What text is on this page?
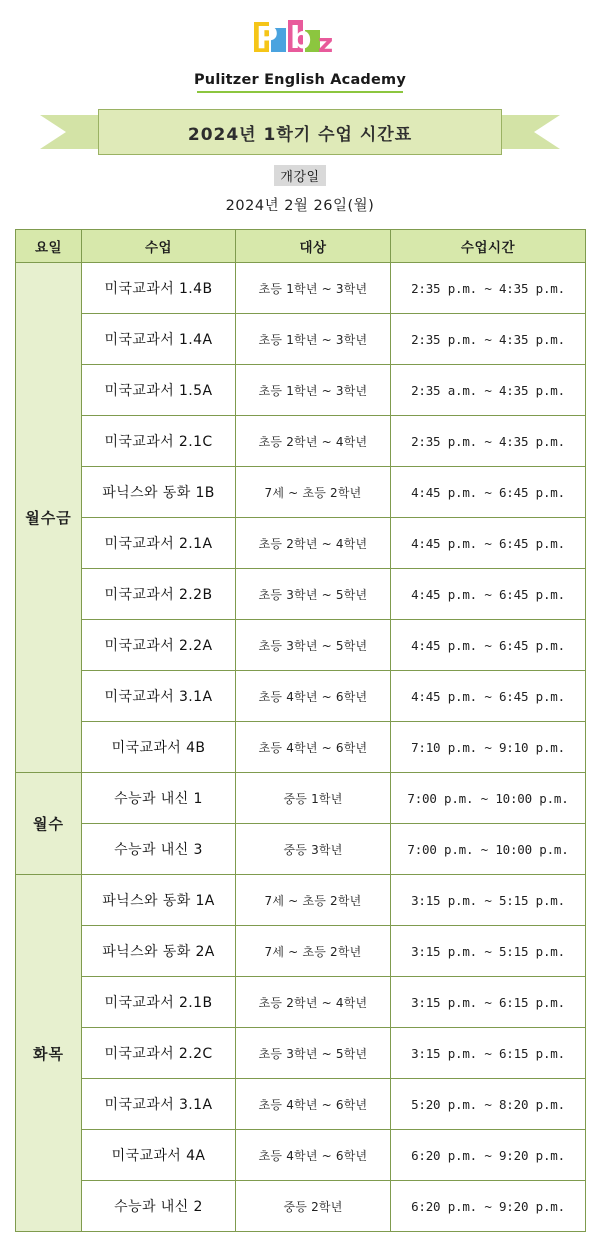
P b z
Pulitzer English Academy
2024년 1학기 수업 시간표
개강일
2024년 2월 26일(월)
요일	수업	대상	수업시간
월수금	미국교과서 1.4B	초등 1학년 ~ 3학년	2:35 p.m. ~ 4:35 p.m.
	미국교과서 1.4A	초등 1학년 ~ 3학년	2:35 p.m. ~ 4:35 p.m.
	미국교과서 1.5A	초등 1학년 ~ 3학년	2:35 a.m. ~ 4:35 p.m.
	미국교과서 2.1C	초등 2학년 ~ 4학년	2:35 p.m. ~ 4:35 p.m.
	파닉스와 동화 1B	7세 ~ 초등 2학년	4:45 p.m. ~ 6:45 p.m.
	미국교과서 2.1A	초등 2학년 ~ 4학년	4:45 p.m. ~ 6:45 p.m.
	미국교과서 2.2B	초등 3학년 ~ 5학년	4:45 p.m. ~ 6:45 p.m.
	미국교과서 2.2A	초등 3학년 ~ 5학년	4:45 p.m. ~ 6:45 p.m.
	미국교과서 3.1A	초등 4학년 ~ 6학년	4:45 p.m. ~ 6:45 p.m.
	미국교과서 4B	초등 4학년 ~ 6학년	7:10 p.m. ~ 9:10 p.m.
월수	수능과 내신 1	중등 1학년	7:00 p.m. ~ 10:00 p.m.
	수능과 내신 3	중등 3학년	7:00 p.m. ~ 10:00 p.m.
화목	파닉스와 동화 1A	7세 ~ 초등 2학년	3:15 p.m. ~ 5:15 p.m.
	파닉스와 동화 2A	7세 ~ 초등 2학년	3:15 p.m. ~ 5:15 p.m.
	미국교과서 2.1B	초등 2학년 ~ 4학년	3:15 p.m. ~ 6:15 p.m.
	미국교과서 2.2C	초등 3학년 ~ 5학년	3:15 p.m. ~ 6:15 p.m.
	미국교과서 3.1A	초등 4학년 ~ 6학년	5:20 p.m. ~ 8:20 p.m.
	미국교과서 4A	초등 4학년 ~ 6학년	6:20 p.m. ~ 9:20 p.m.
	수능과 내신 2	중등 2학년	6:20 p.m. ~ 9:20 p.m.
